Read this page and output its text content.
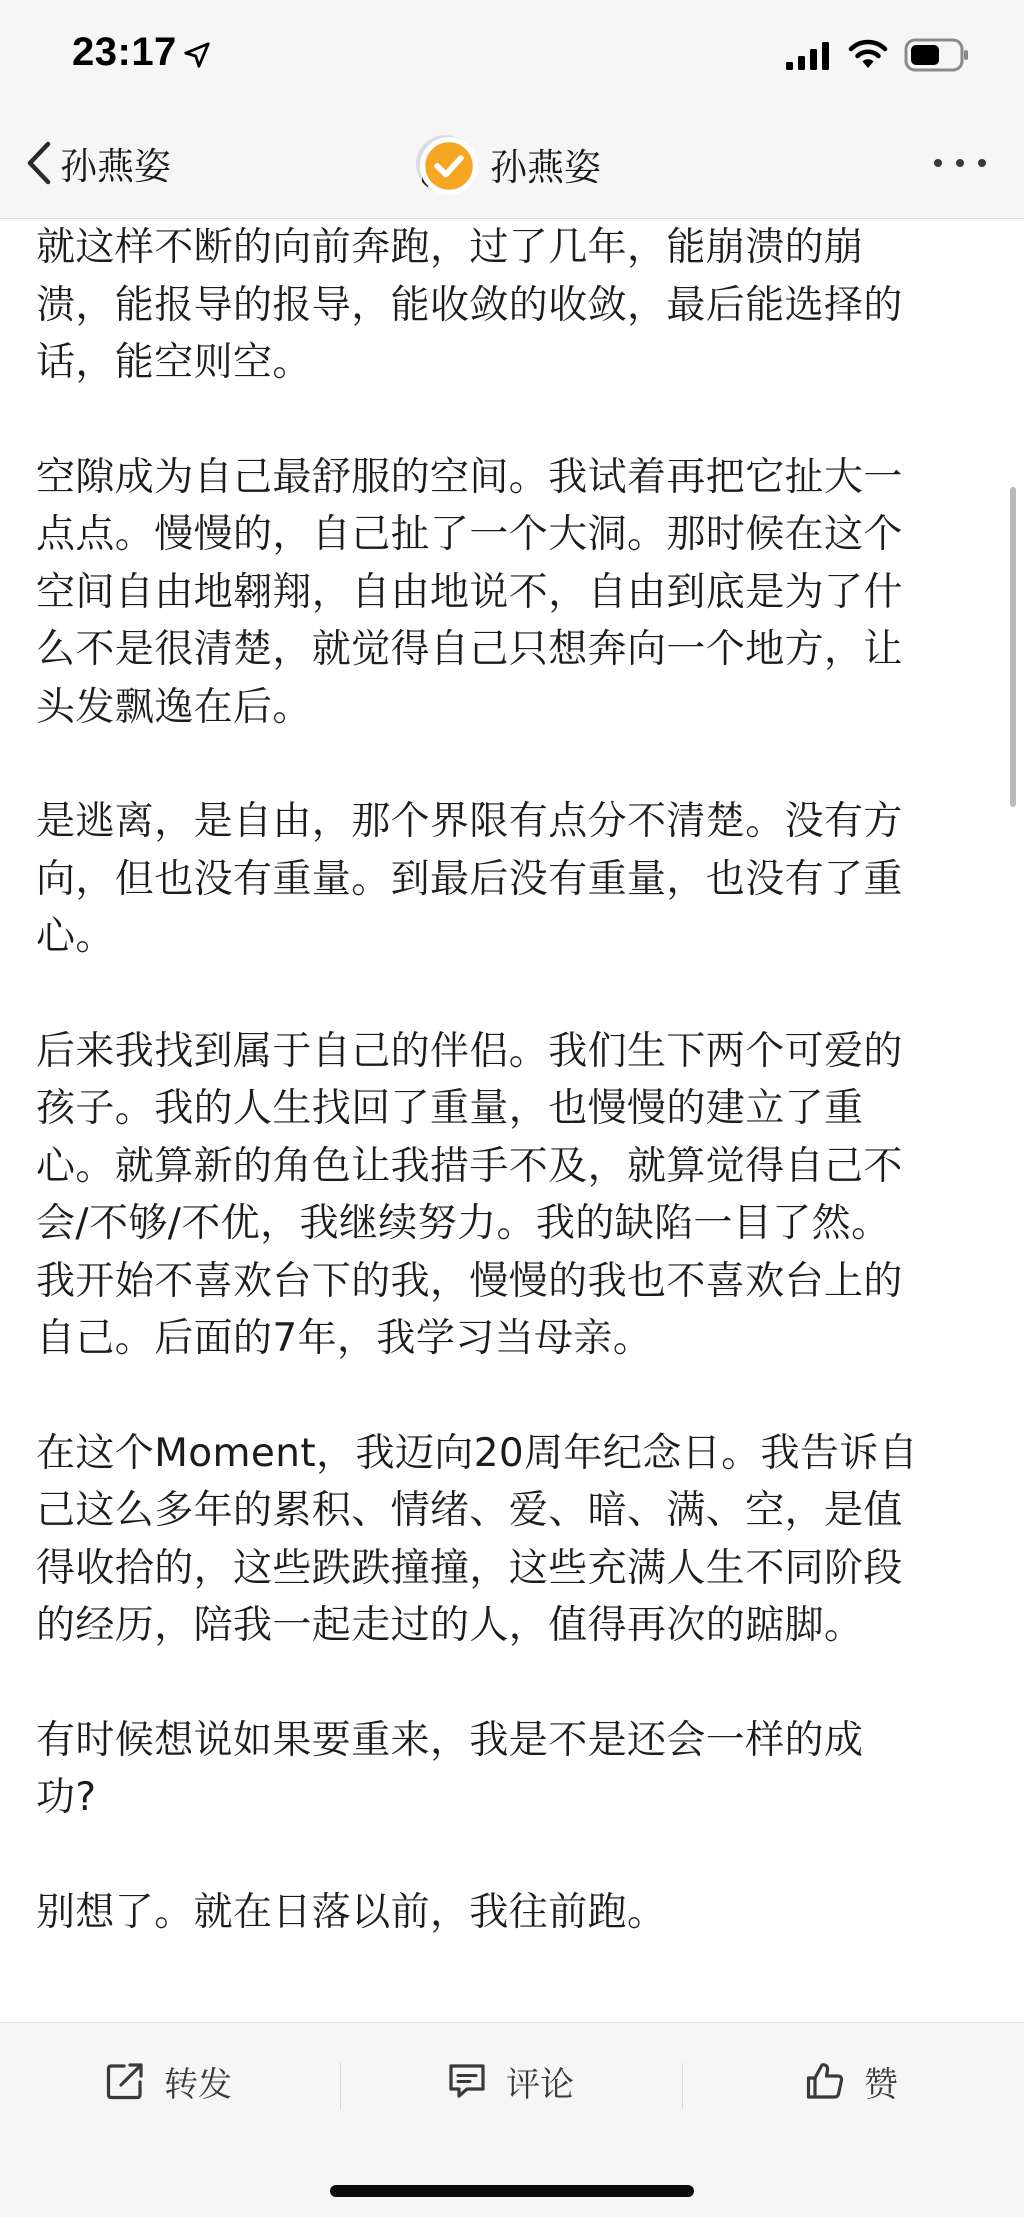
23:17
孙燕姿	孙燕姿

就这样不断的向前奔跑，过了几年，能崩溃的崩

溃，能报导的报导，能收敛的收敛，最后能选择的

话，能空则空。

空隙成为自己最舒服的空间。我试着再把它扯大一

点点。慢慢的，自己扯了一个大洞。那时候在这个

空间自由地翱翔，自由地说不，自由到底是为了什

么不是很清楚，就觉得自己只想奔向一个地方，让

头发飘逸在后。

是逃离，是自由，那个界限有点分不清楚。没有方

向，但也没有重量。到最后没有重量，也没有了重

心。

后来我找到属于自己的伴侣。我们生下两个可爱的

孩子。我的人生找回了重量，也慢慢的建立了重

心。就算新的角色让我措手不及，就算觉得自己不

会/不够/不优，我继续努力。我的缺陷一目了然。

我开始不喜欢台下的我，慢慢的我也不喜欢台上的

自己。后面的7年，我学习当母亲。

在这个Moment，我迈向20周年纪念日。我告诉自

己这么多年的累积、情绪、爱、暗、满、空，是值

得收拾的，这些跌跌撞撞，这些充满人生不同阶段

的经历，陪我一起走过的人，值得再次的踮脚。

有时候想说如果要重来，我是不是还会一样的成

功?

别想了。就在日落以前，我往前跑。

转发	评论	赞
